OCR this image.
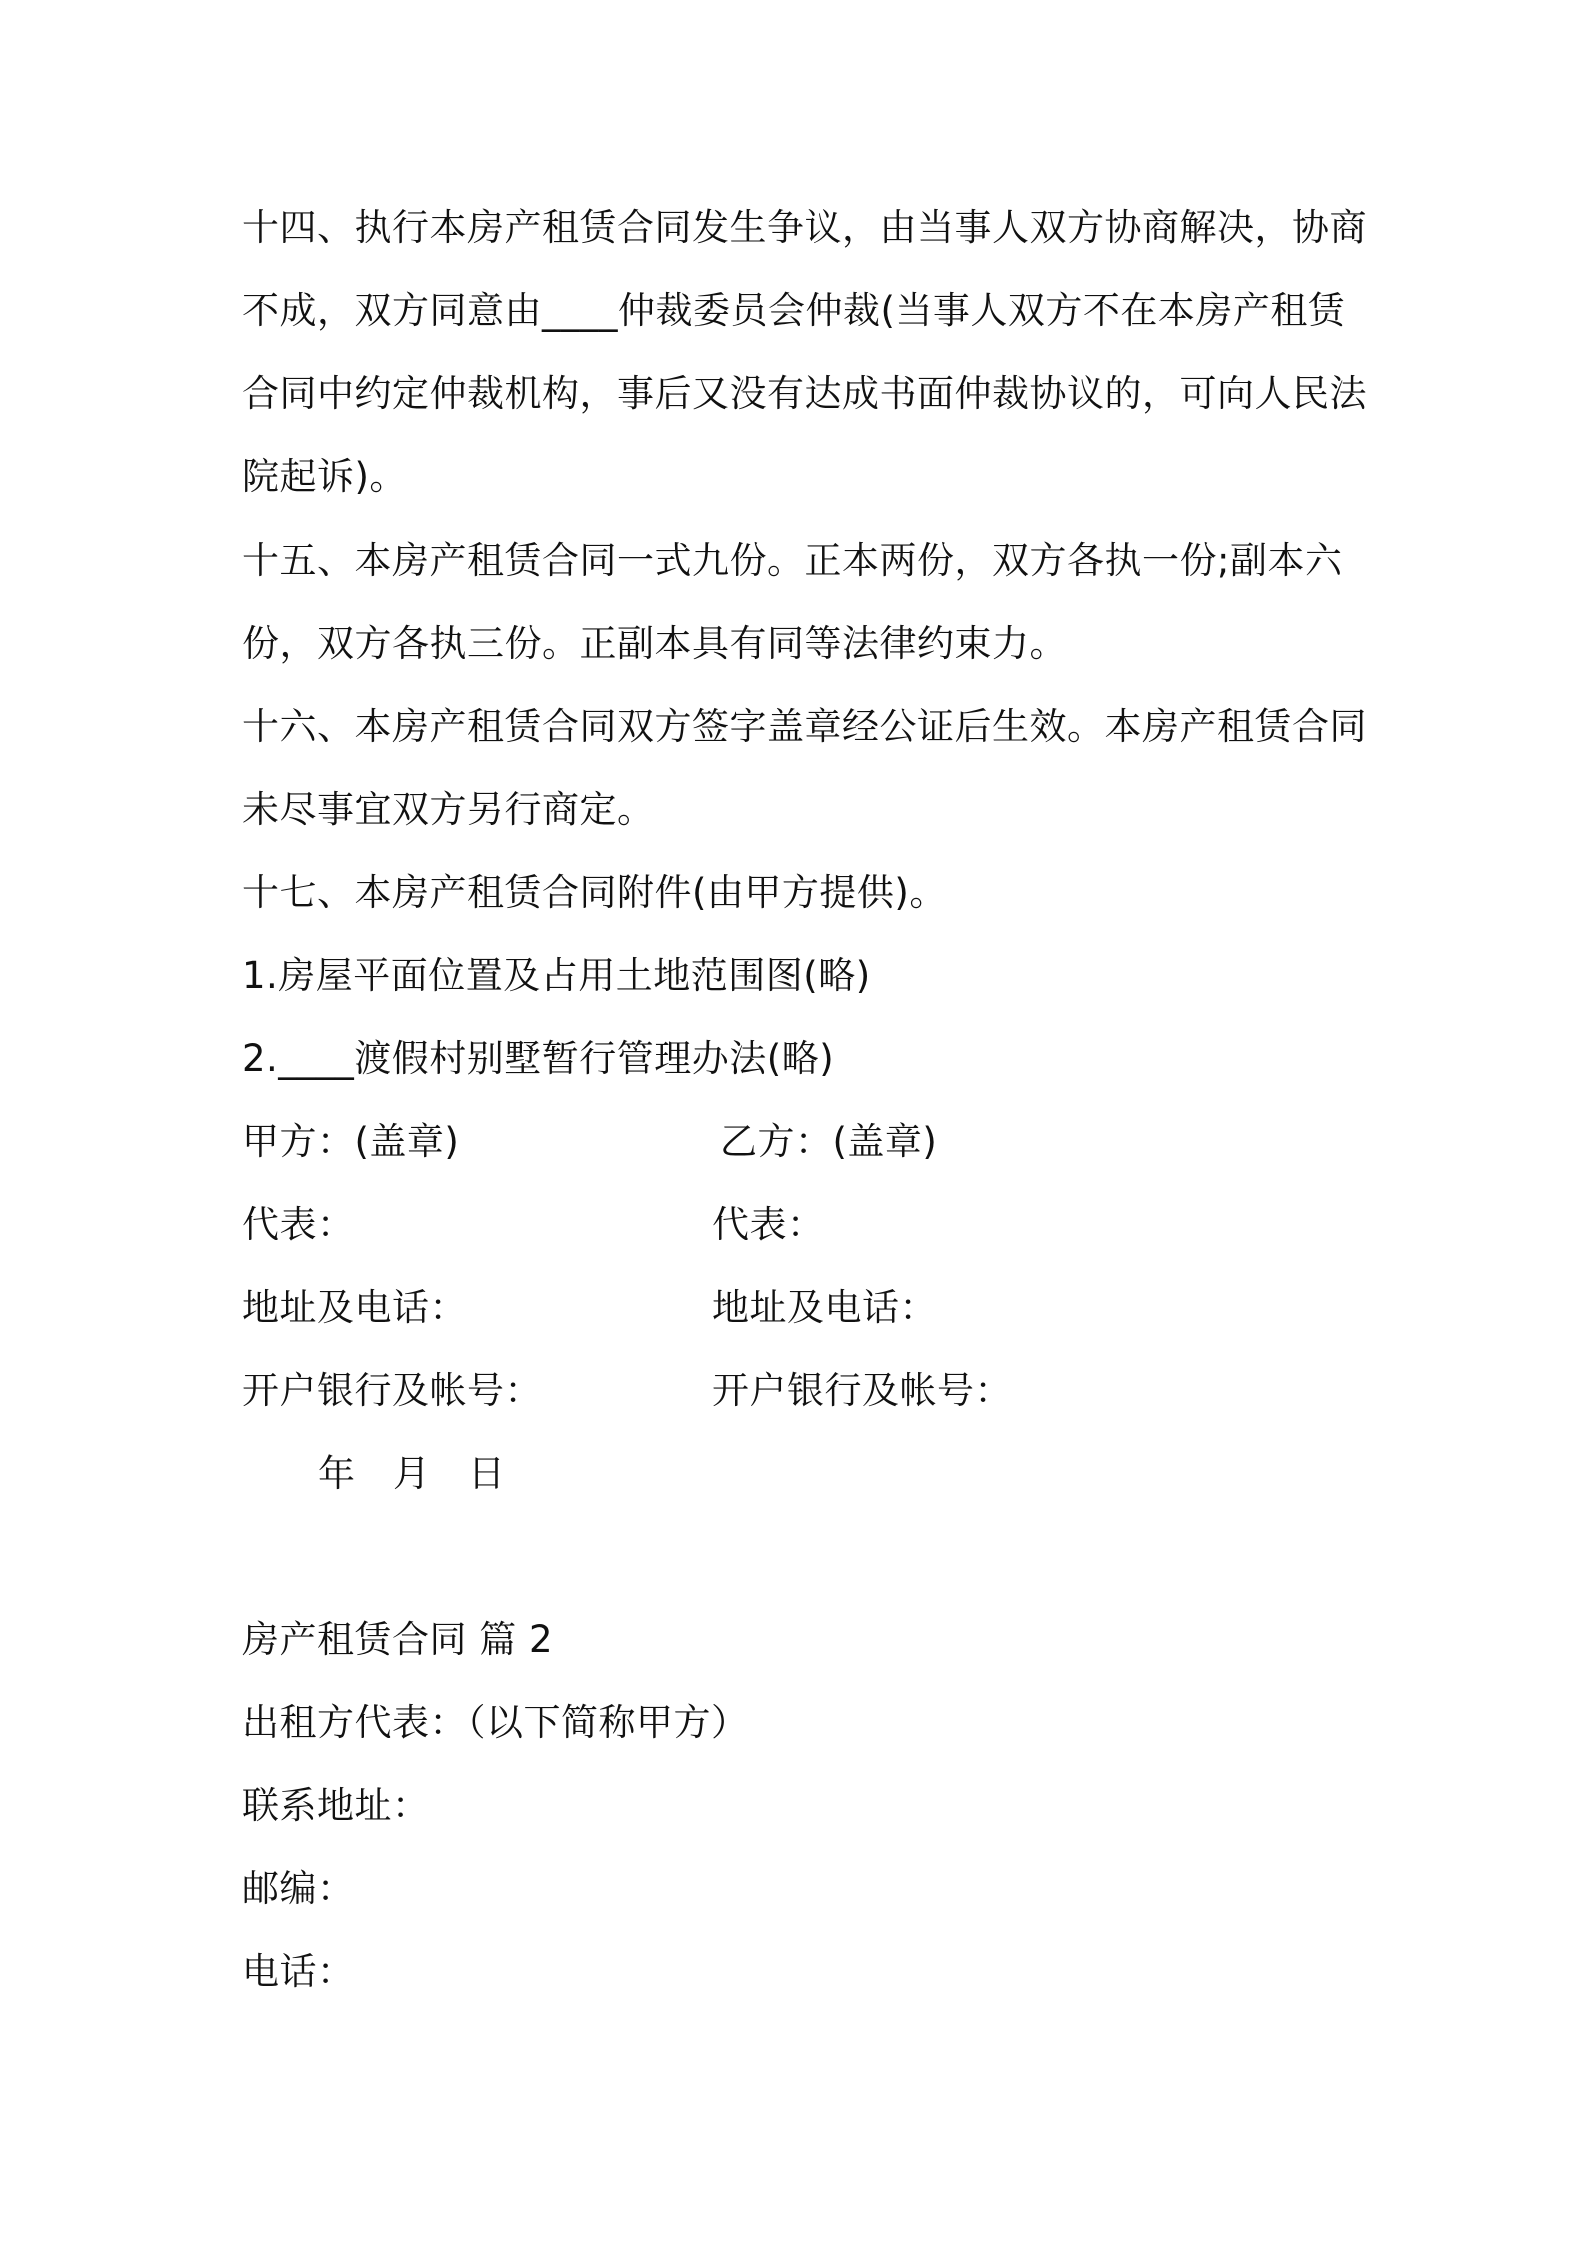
十四、执行本房产租赁合同发生争议，由当事人双方协商解决，协商
不成，双方同意由____仲裁委员会仲裁(当事人双方不在本房产租赁
合同中约定仲裁机构，事后又没有达成书面仲裁协议的，可向人民法
院起诉)。
十五、本房产租赁合同一式九份。正本两份，双方各执一份;副本六
份，双方各执三份。正副本具有同等法律约束力。
十六、本房产租赁合同双方签字盖章经公证后生效。本房产租赁合同
未尽事宜双方另行商定。
十七、本房产租赁合同附件(由甲方提供)。
1.房屋平面位置及占用土地范围图(略)
2.____渡假村别墅暂行管理办法(略)
甲方：(盖章)	乙方：(盖章)
代表：	代表：
地址及电话：	地址及电话：
开户银行及帐号：	开户银行及帐号：
年　月　日
房产租赁合同 篇 2
出租方代表：（以下简称甲方）
联系地址：
邮编：
电话：
